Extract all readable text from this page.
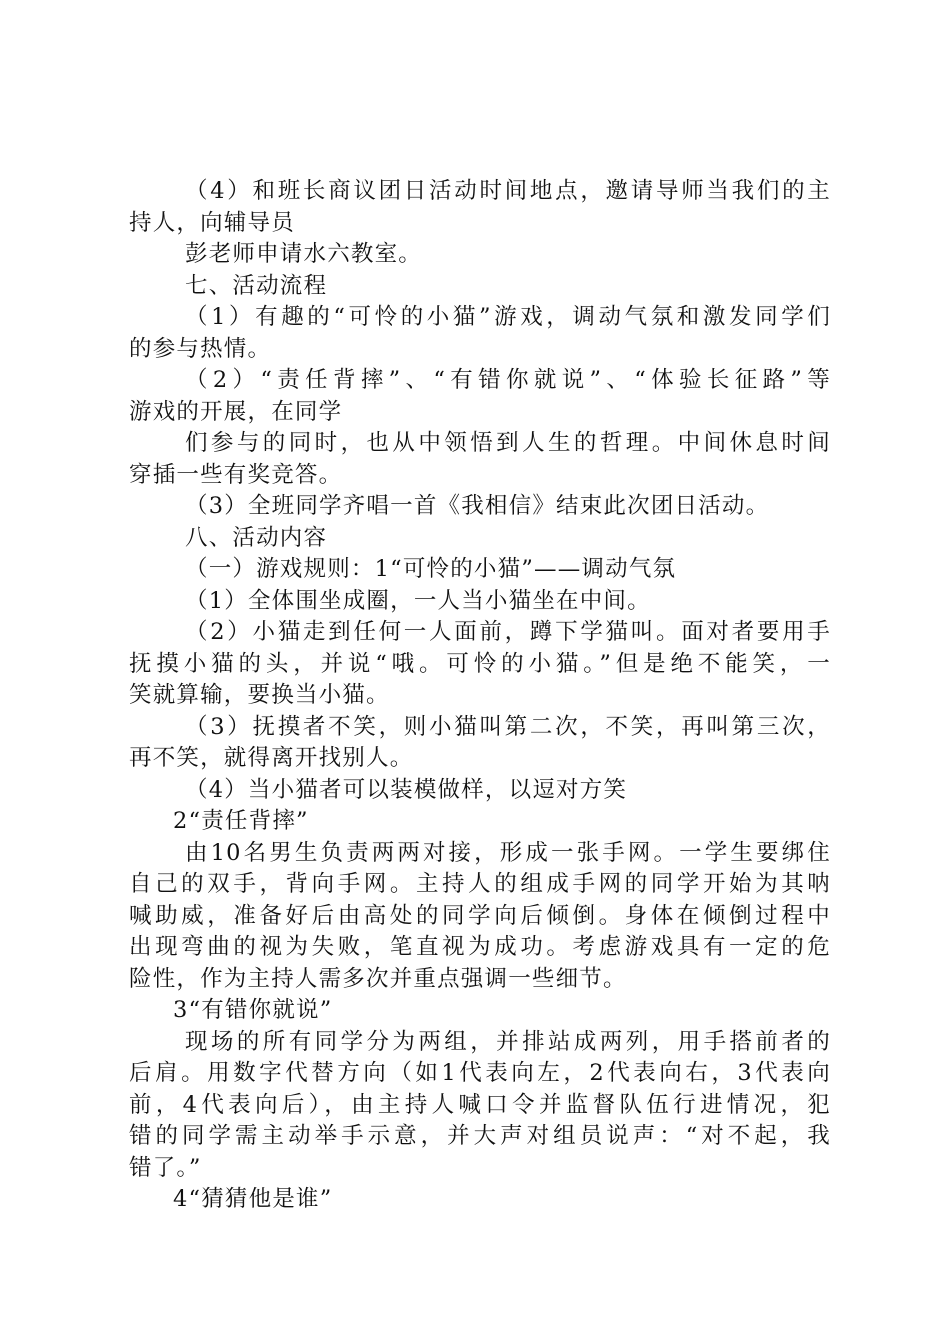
（4）和班长商议团日活动时间地点，邀请导师当我们的主
持人，向辅导员
彭老师申请水六教室。
七、活动流程
（1）有趣的“可怜的小猫”游戏，调动气氛和激发同学们
的参与热情。
（2）“责任背摔”、“有错你就说”、“体验长征路”等
游戏的开展，在同学
们参与的同时，也从中领悟到人生的哲理。中间休息时间
穿插一些有奖竞答。
（3）全班同学齐唱一首《我相信》结束此次团日活动。
八、活动内容
（一）游戏规则：1“可怜的小猫”——调动气氛
（1）全体围坐成圈，一人当小猫坐在中间。
（2）小猫走到任何一人面前，蹲下学猫叫。面对者要用手
抚摸小猫的头，并说“哦。可怜的小猫。”但是绝不能笑，一
笑就算输，要换当小猫。
（3）抚摸者不笑，则小猫叫第二次，不笑，再叫第三次，
再不笑，就得离开找别人。
（4）当小猫者可以装模做样，以逗对方笑
2“责任背摔”
由10名男生负责两两对接，形成一张手网。一学生要绑住
自己的双手，背向手网。主持人的组成手网的同学开始为其呐
喊助威，准备好后由高处的同学向后倾倒。身体在倾倒过程中
出现弯曲的视为失败，笔直视为成功。考虑游戏具有一定的危
险性，作为主持人需多次并重点强调一些细节。
3“有错你就说”
现场的所有同学分为两组，并排站成两列，用手搭前者的
后肩。用数字代替方向（如1代表向左，2代表向右，3代表向
前，4代表向后），由主持人喊口令并监督队伍行进情况，犯
错的同学需主动举手示意，并大声对组员说声：“对不起，我
错了。”
4“猜猜他是谁”
